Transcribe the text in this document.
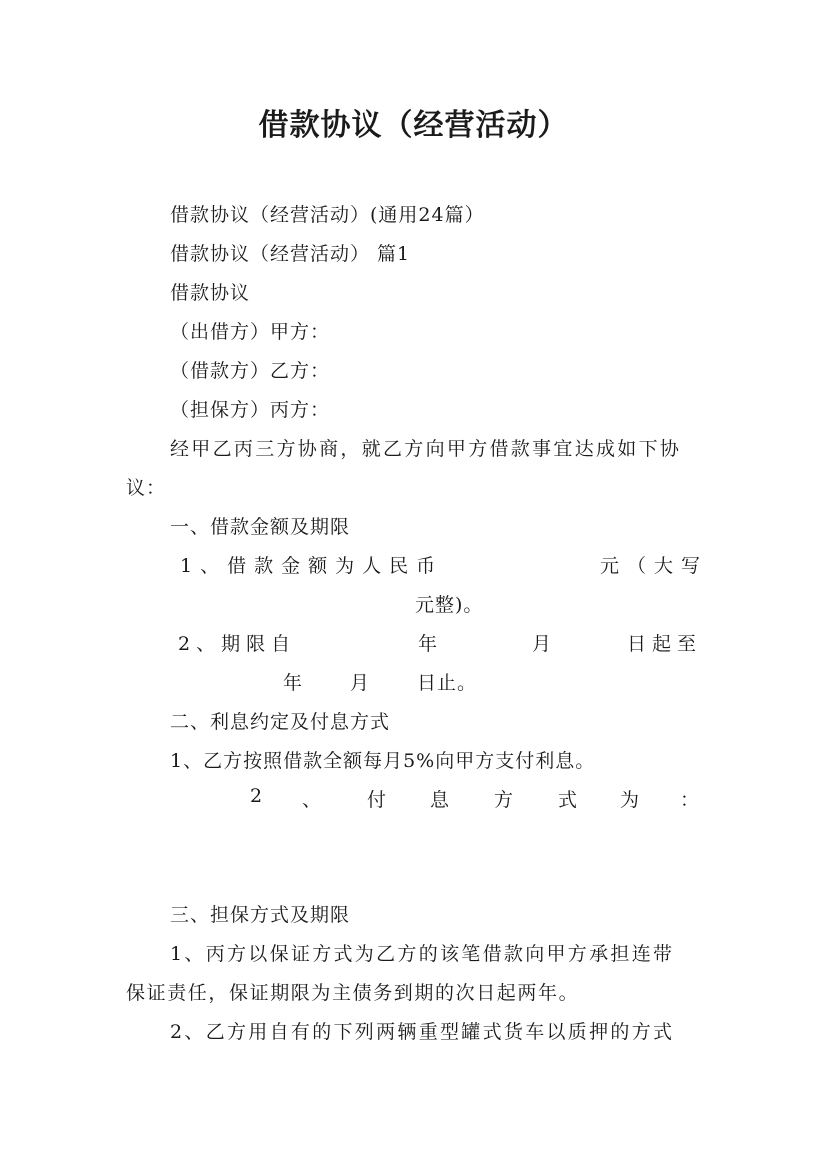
借款协议（经营活动）
借款协议（经营活动）(通用24篇）
借款协议（经营活动） 篇1
借款协议
（出借方）甲方：
（借款方）乙方：
（担保方）丙方：
经甲乙丙三方协商，就乙方向甲方借款事宜达成如下协
议：
一、借款金额及期限
1、借款金额为人民币	元（大写
元整)。
2、期限自	年	月	日起至
年 月 日止。
二、利息约定及付息方式
1、乙方按照借款全额每月5%向甲方支付利息。
2 、 付 息 方 式 为 ：
三、担保方式及期限
1、丙方以保证方式为乙方的该笔借款向甲方承担连带
保证责任，保证期限为主债务到期的次日起两年。
2、乙方用自有的下列两辆重型罐式货车以质押的方式
